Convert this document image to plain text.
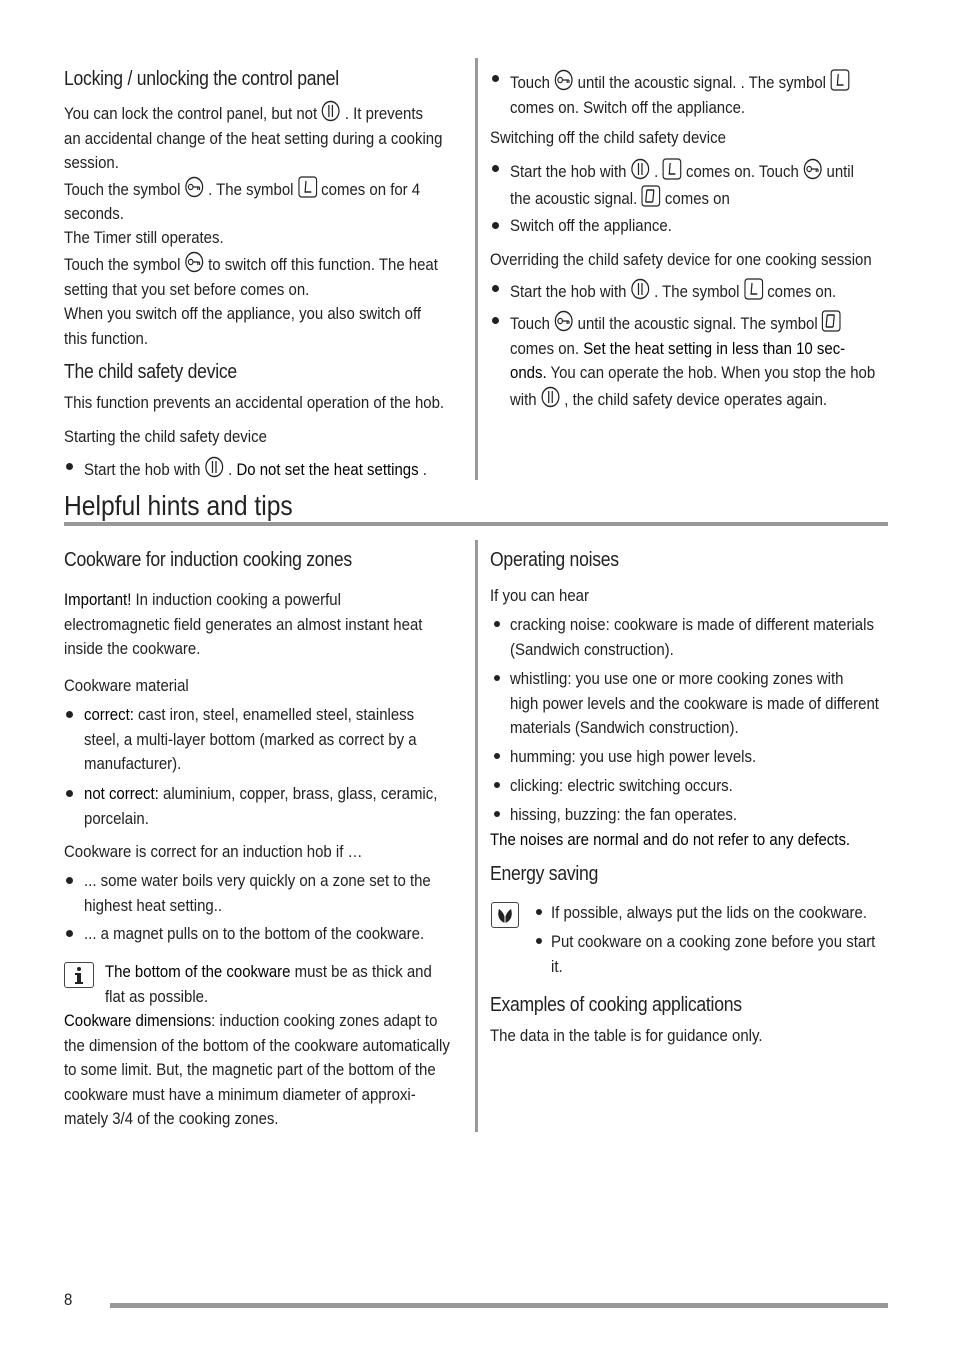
Locking / unlocking the control panel

You can lock the control panel, but not . It prevents
an accidental change of the heat setting during a cooking
session.
Touch the symbol . The symbol comes on for 4
seconds.
The Timer still operates.
Touch the symbol to switch off this function. The heat
setting that you set before comes on.
When you switch off the appliance, you also switch off
this function.

The child safety device

This function prevents an accidental operation of the hob.

Starting the child safety device

Start the hob with . Do not set the heat settings .
Touch until the acoustic signal. . The symbol
comes on. Switch off the appliance.

Switching off the child safety device

Start the hob with . comes on. Touch until
the acoustic signal. comes on

Switch off the appliance.

Overriding the child safety device for one cooking session

Start the hob with . The symbol comes on.
Touch until the acoustic signal. The symbol
comes on. Set the heat setting in less than 10 sec-
onds. You can operate the hob. When you stop the hob
with , the child safety device operates again.

Helpful hints and tips

Cookware for induction cooking zones

Important! In induction cooking a powerful
electromagnetic field generates an almost instant heat
inside the cookware.

Cookware material

correct: cast iron, steel, enamelled steel, stainless
steel, a multi-layer bottom (marked as correct by a
manufacturer).
not correct: aluminium, copper, brass, glass, ceramic,
porcelain.

Cookware is correct for an induction hob if …

... some water boils very quickly on a zone set to the
highest heat setting..

... a magnet pulls on to the bottom of the cookware.

The bottom of the cookware must be as thick and
flat as possible.
Cookware dimensions: induction cooking zones adapt to
the dimension of the bottom of the cookware automatically
to some limit. But, the magnetic part of the bottom of the
cookware must have a minimum diameter of approxi-
mately 3/4 of the cooking zones.

Operating noises

If you can hear

cracking noise: cookware is made of different materials
(Sandwich construction).
whistling: you use one or more cooking zones with
high power levels and the cookware is made of different
materials (Sandwich construction).

humming: you use high power levels.

clicking: electric switching occurs.

hissing, buzzing: the fan operates.

The noises are normal and do not refer to any defects.

Energy saving

If possible, always put the lids on the cookware.

Put cookware on a cooking zone before you start
it.

Examples of cooking applications

The data in the table is for guidance only.

8
